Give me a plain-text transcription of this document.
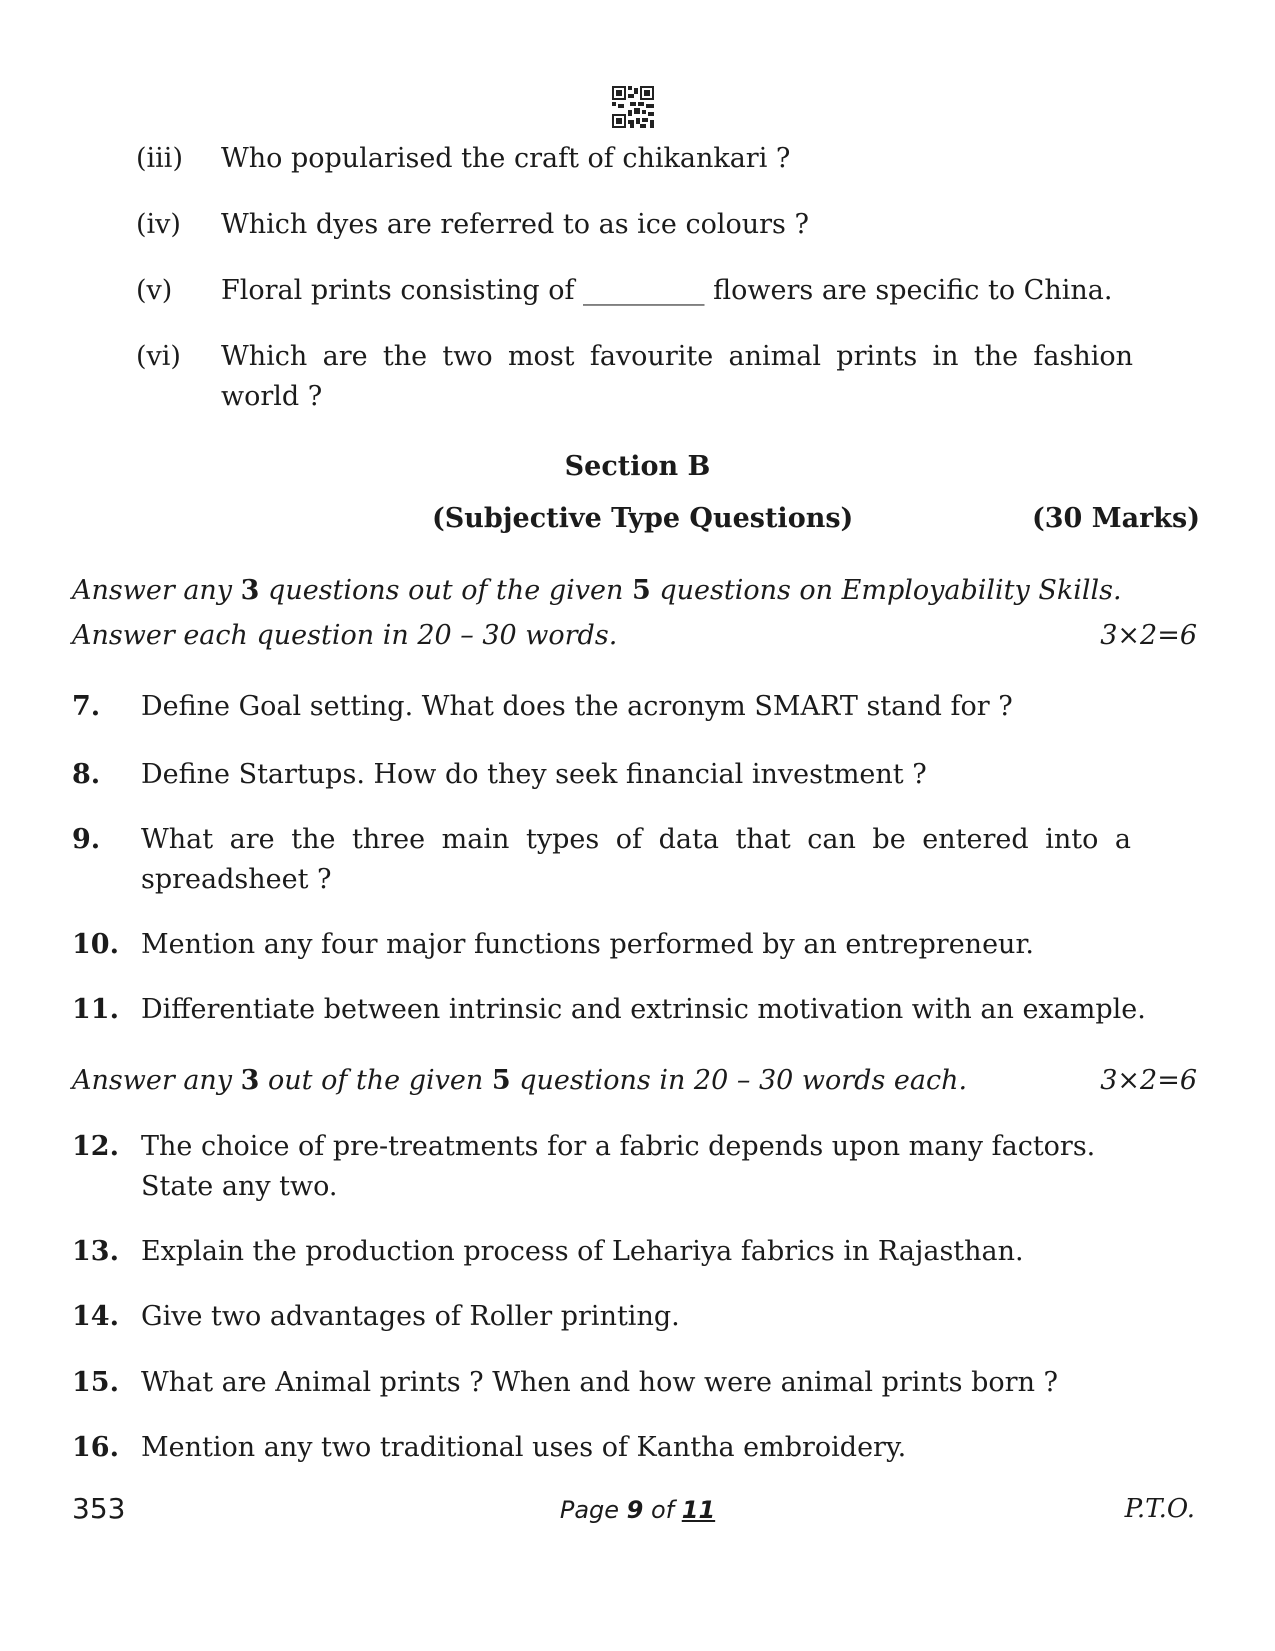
(iii) Who popularised the craft of chikankari ?
(iv) Which dyes are referred to as ice colours ?
(v) Floral prints consisting of _________ flowers are specific to China.
(vi) Which are the two most favourite animal prints in the fashion world ?
Section B
(Subjective Type Questions)	(30 Marks)
Answer any 3 questions out of the given 5 questions on Employability Skills.
Answer each question in 20 – 30 words.	3×2=6
7. Define Goal setting. What does the acronym SMART stand for ?
8. Define Startups. How do they seek financial investment ?
9. What are the three main types of data that can be entered into a spreadsheet ?
10. Mention any four major functions performed by an entrepreneur.
11. Differentiate between intrinsic and extrinsic motivation with an example.
Answer any 3 out of the given 5 questions in 20 – 30 words each.	3×2=6
12. The choice of pre-treatments for a fabric depends upon many factors. State any two.
13. Explain the production process of Lehariya fabrics in Rajasthan.
14. Give two advantages of Roller printing.
15. What are Animal prints ? When and how were animal prints born ?
16. Mention any two traditional uses of Kantha embroidery.
353	Page 9 of 11	P.T.O.
